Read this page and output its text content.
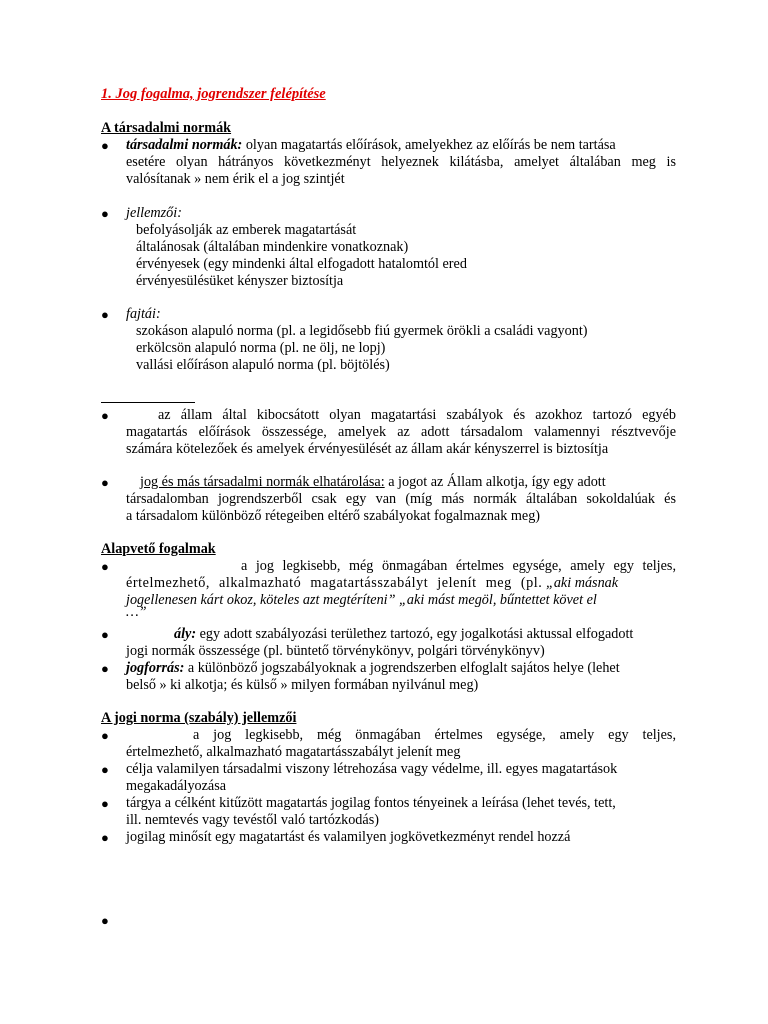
1. Jog fogalma, jogrendszer felépítése
A társadalmi normák
● társadalmi normák: olyan magatartás előírások, amelyekhez az előírás be nem tartása
esetére olyan hátrányos következményt helyeznek kilátásba, amelyet általában meg is
valósítanak » nem érik el a jog szintjét
● jellemzői:
befolyásolják az emberek magatartását
általánosak (általában mindenkire vonatkoznak)
érvényesek (egy mindenki által elfogadott hatalomtól ered
érvényesülésüket kényszer biztosítja
● fajtái:
szokáson alapuló norma (pl. a legidősebb fiú gyermek örökli a családi vagyont)
erkölcsön alapuló norma (pl. ne ölj, ne lopj)
vallási előíráson alapuló norma (pl. böjtölés)
●	az állam által kibocsátott olyan magatartási szabályok és azokhoz tartozó egyéb
magatartás előírások összessége, amelyek az adott társadalom valamennyi résztvevője
számára kötelezőek és amelyek érvényesülését az állam akár kényszerrel is biztosítja
●	jog és más társadalmi normák elhatárolása: a jogot az Állam alkotja, így egy adott
társadalomban jogrendszerből csak egy van (míg más normák általában sokoldalúak és
a társadalom különböző rétegeiben eltérő szabályokat fogalmaznak meg)
Alapvető fogalmak
●	a jog legkisebb, még önmagában értelmes egysége, amely egy teljes,
értelmezhető, alkalmazható magatartásszabályt jelenít meg (pl. „aki másnak
jogellenesen kárt okoz, köteles azt megtéríteni” „aki mást megöl, bűntettet követ el
…”
●	ály: egy adott szabályozási területhez tartozó, egy jogalkotási aktussal elfogadott
jogi normák összessége (pl. büntető törvénykönyv, polgári törvénykönyv)
● jogforrás: a különböző jogszabályoknak a jogrendszerben elfoglalt sajátos helye (lehet
belső » ki alkotja; és külső » milyen formában nyilvánul meg)
A jogi norma (szabály) jellemzői
●	a jog legkisebb, még önmagában értelmes egysége, amely egy teljes,
értelmezhető, alkalmazható magatartásszabályt jelenít meg
● célja valamilyen társadalmi viszony létrehozása vagy védelme, ill. egyes magatartások
megakadályozása
● tárgya a célként kitűzött magatartás jogilag fontos tényeinek a leírása (lehet tevés, tett,
ill. nemtevés vagy tevéstől való tartózkodás)
● jogilag minősít egy magatartást és valamilyen jogkövetkezményt rendel hozzá
●
